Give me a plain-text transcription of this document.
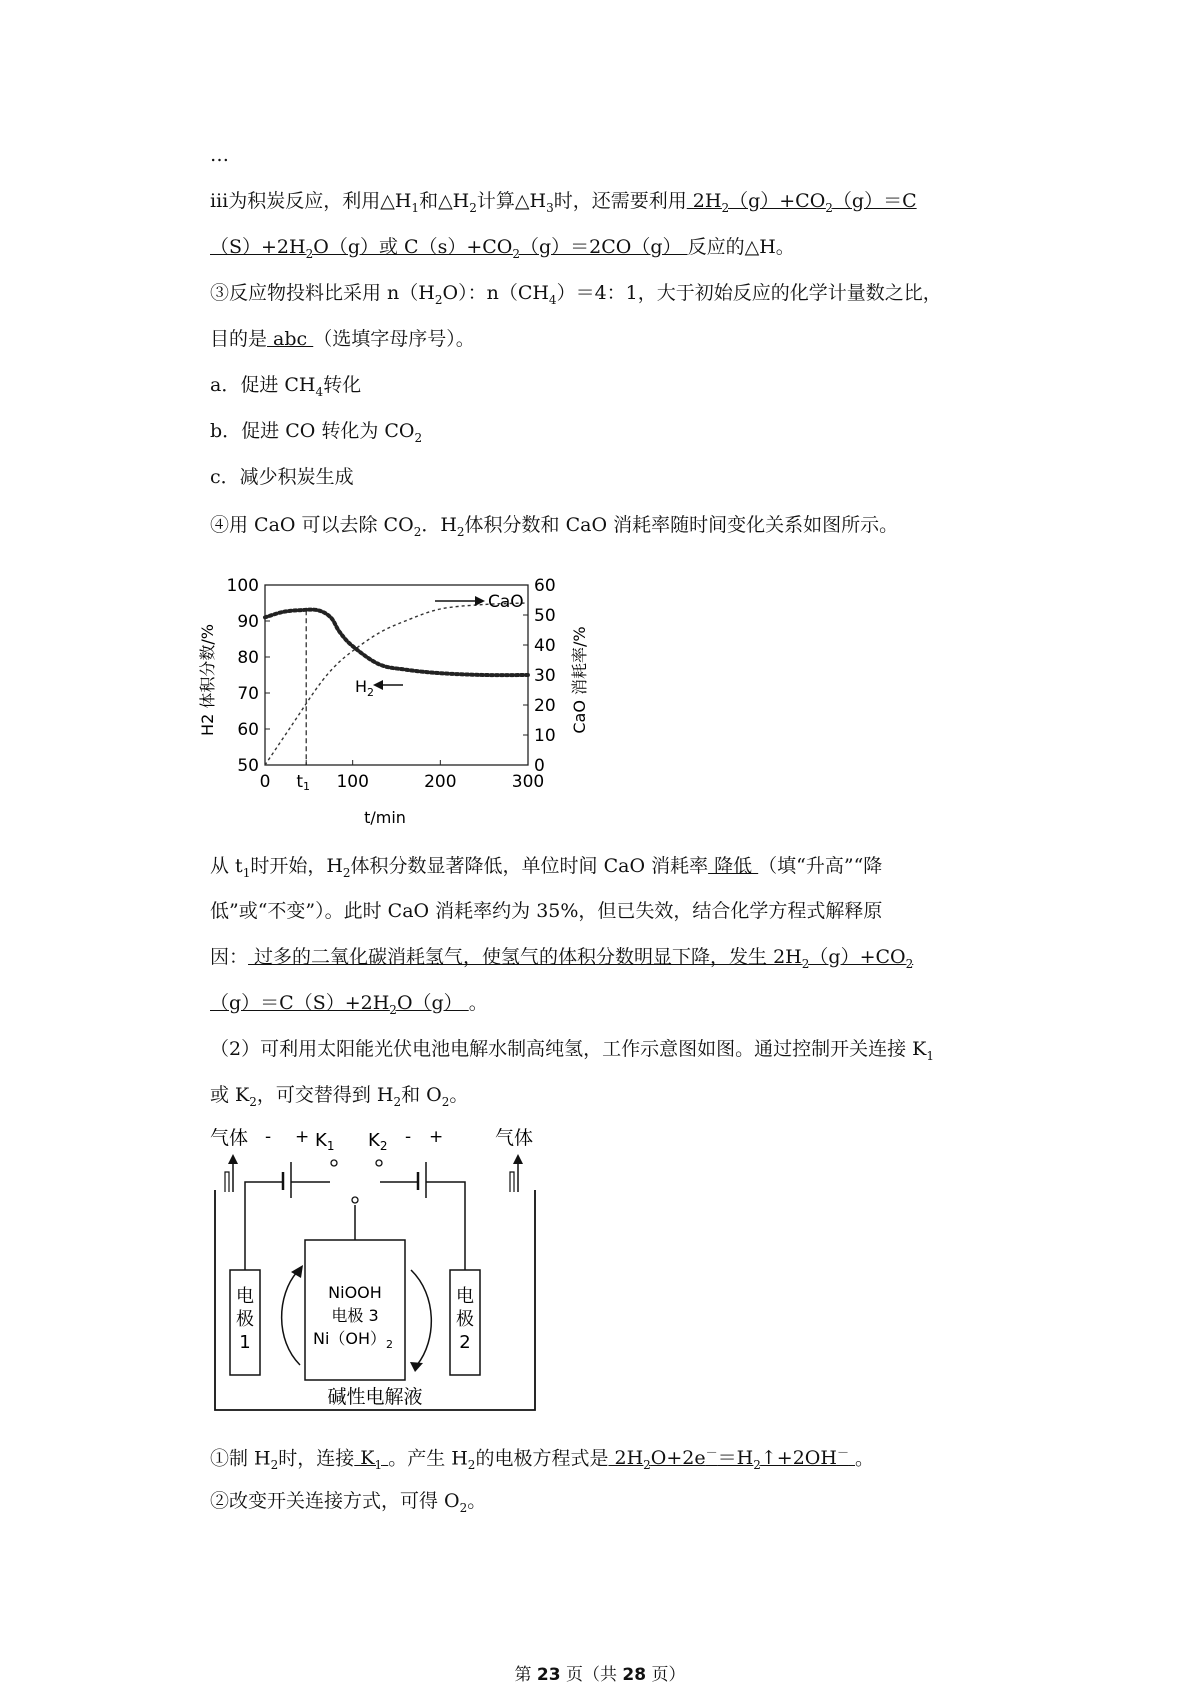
…
ⅲ为积炭反应，利用$\triangle H_1$和$\triangle H_2$计算$\triangle H_3$时，还需要利用 $2H_2(g)+CO_2(g)=C$
$(S)+2H_2O(g)$或 $C(s)+CO_2(g)=2CO(g)$ 反应的△H。
③反应物投料比采用 $n(H_2O)$：$n(CH_4)=4$：1，大于初始反应的化学计量数之比，
目的是 abc （选填字母序号）。
a．促进 $CH_4$转化
b．促进 CO 转化为 $CO_2$
c．减少积炭生成
④用 CaO 可以去除 $CO_2$．$H_2$体积分数和 CaO 消耗率随时间变化关系如图所示。
50
60
70
80
90
100
0
10
20
30
40
50
60
0 t1 100	200	300
CaO
$H_2$
H2 体积分数/%	CaO 消耗率/%
t/min
从 $t_1$时开始，$H_2$体积分数显著降低，单位时间 CaO 消耗率 降低 （填“升高”“降
低”或“不变”）。此时 CaO 消耗率约为 35%，但已失效，结合化学方程式解释原
因： 过多的二氧化碳消耗氢气，使氢气的体积分数明显下降，发生 $2H_2(g)+CO_2$
$(g)=C(S)+2H_2O(g)$ 。
（2）可利用太阳能光伏电池电解水制高纯氢，工作示意图如图。通过控制开关连接 $K_1$
或 $K_2$，可交替得到 $H_2$和 $O_2$。
气体	气体
- + $K_1$ $K_2$ - +
电
极
1
电
极
2
NiOOH
电极 3
$Ni(OH)_2$
碱性电解液
①制 $H_2$时，连接 $K_1$ 。产生 $H_2$的电极方程式是 $2H_2O+2e^-=H_2↑+2OH^-$ 。
②改变开关连接方式，可得 $O_2$。
第 23 页（共 28 页）
